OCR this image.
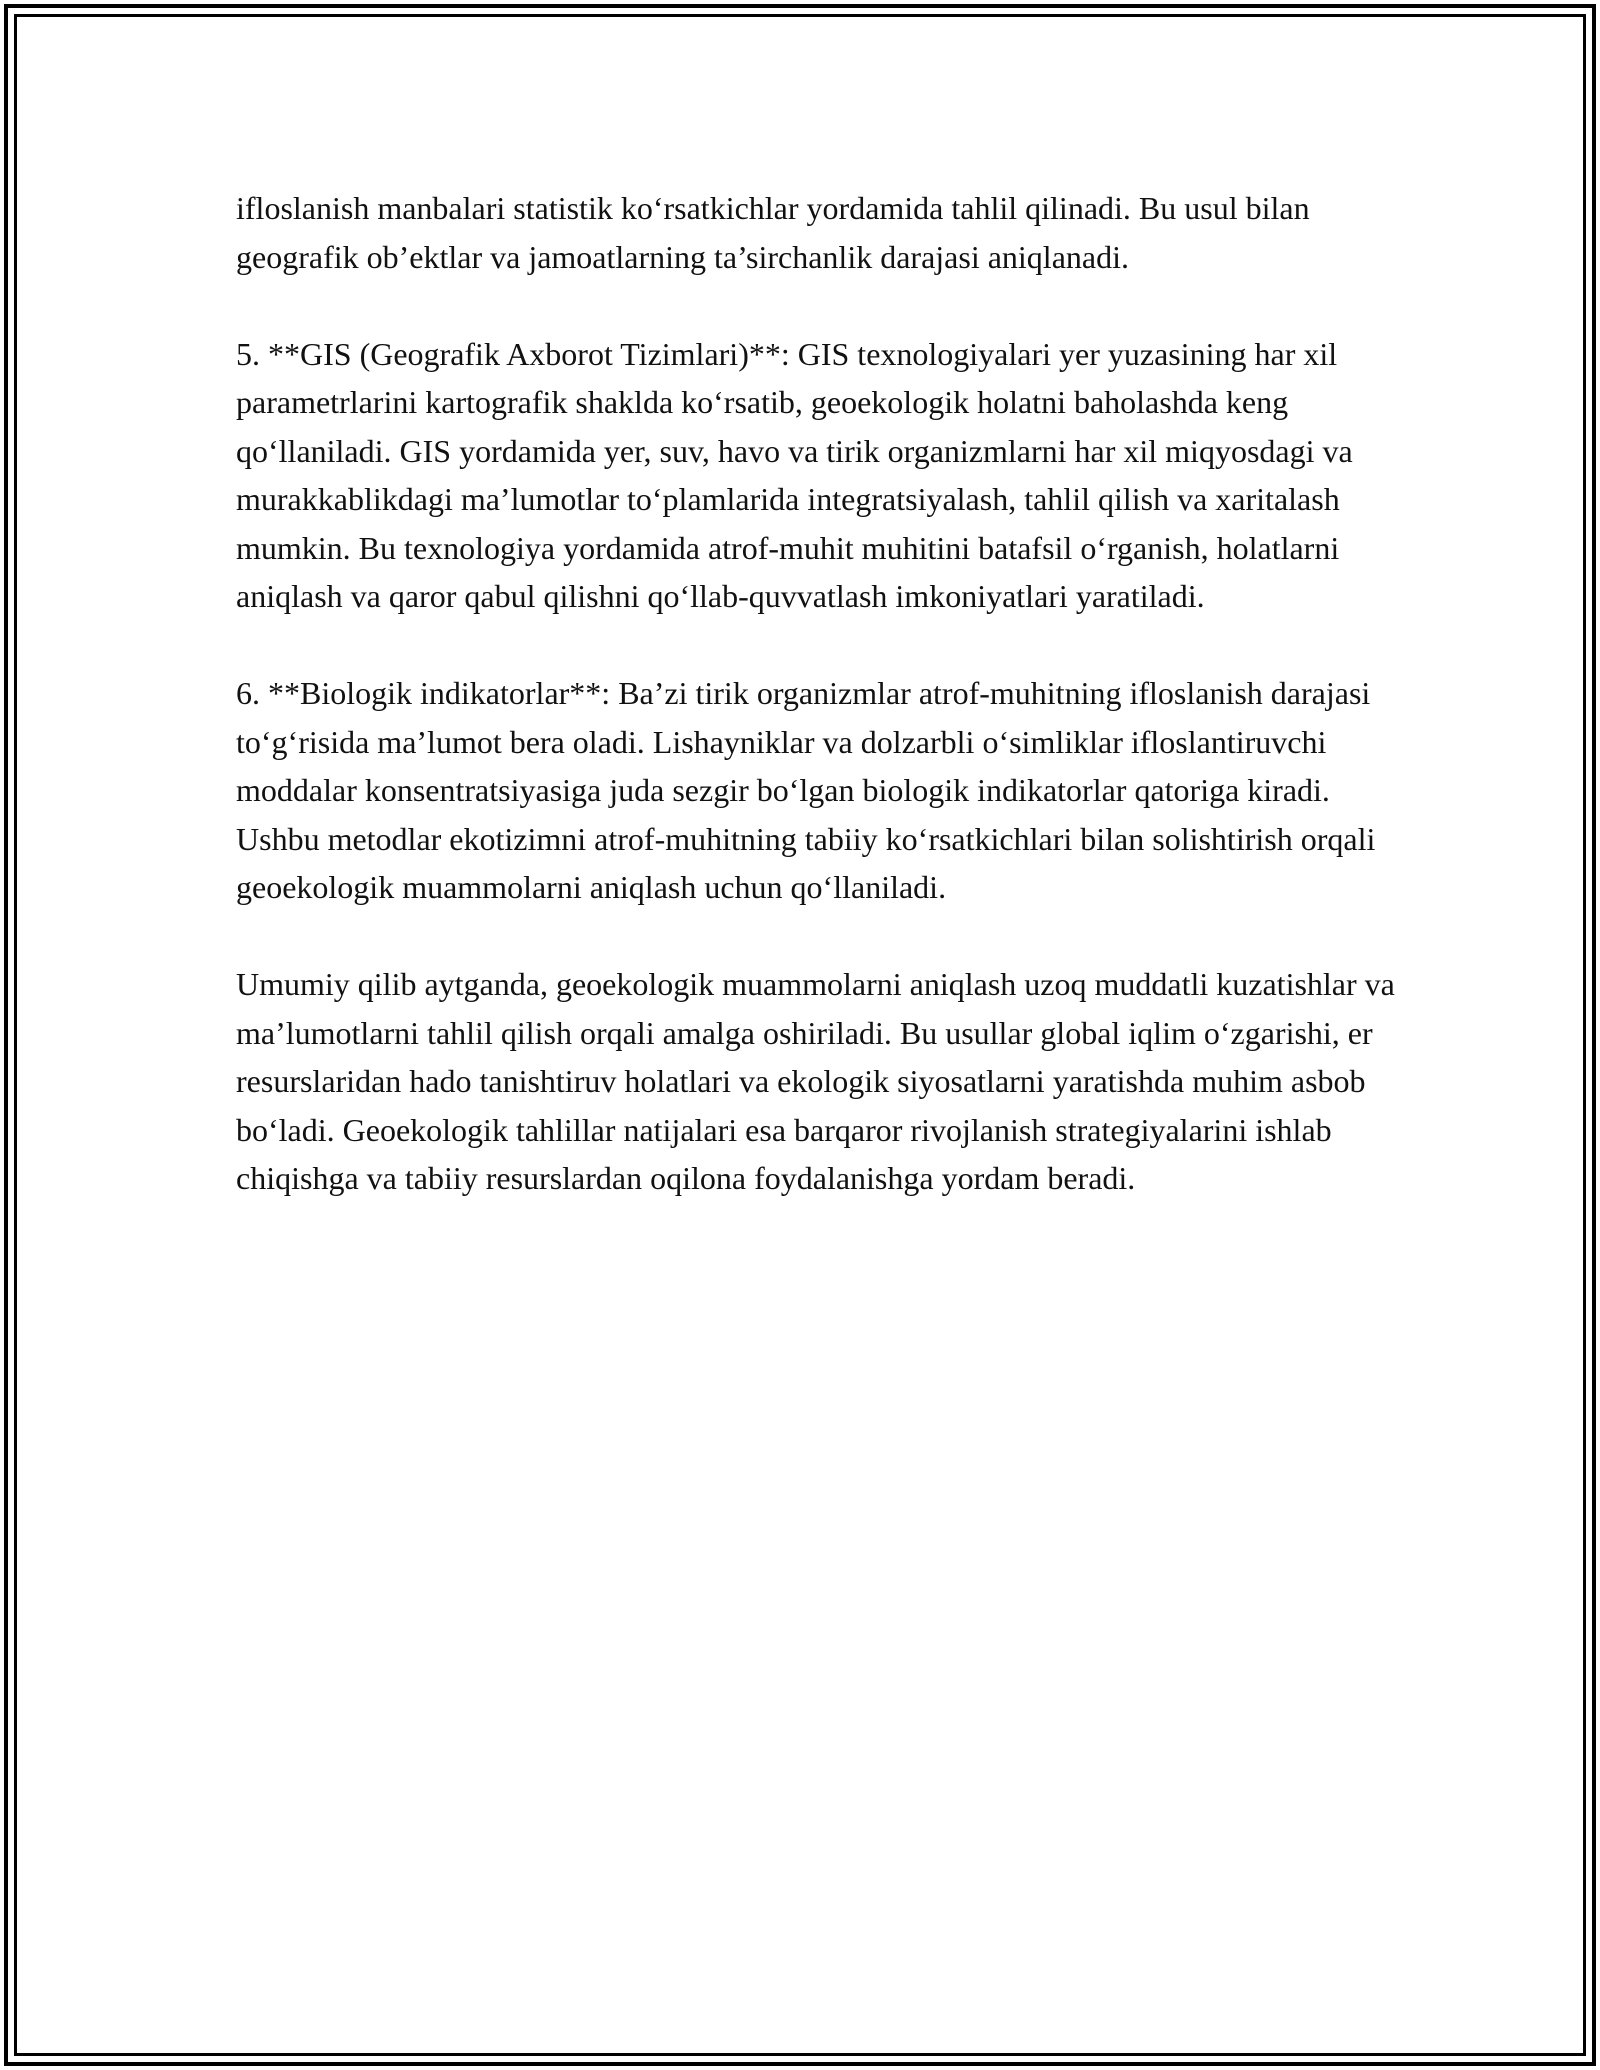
ifloslanish manbalari statistik ko‘rsatkichlar yordamida tahlil qilinadi. Bu usul bilan geografik ob’ektlar va jamoatlarning ta’sirchanlik darajasi aniqlanadi.

5. **GIS (Geografik Axborot Tizimlari)**: GIS texnologiyalari yer yuzasining har xil parametrlarini kartografik shaklda ko‘rsatib, geoekologik holatni baholashda keng qo‘llaniladi. GIS yordamida yer, suv, havo va tirik organizmlarni har xil miqyosdagi va murakkablikdagi ma’lumotlar to‘plamlarida integratsiyalash, tahlil qilish va xaritalash mumkin. Bu texnologiya yordamida atrof-muhit muhitini batafsil o‘rganish, holatlarni aniqlash va qaror qabul qilishni qo‘llab-quvvatlash imkoniyatlari yaratiladi.

6. **Biologik indikatorlar**: Ba’zi tirik organizmlar atrof-muhitning ifloslanish darajasi to‘g‘risida ma’lumot bera oladi. Lishayniklar va dolzarbli o‘simliklar ifloslantiruvchi moddalar konsentratsiyasiga juda sezgir bo‘lgan biologik indikatorlar qatoriga kiradi. Ushbu metodlar ekotizimni atrof-muhitning tabiiy ko‘rsatkichlari bilan solishtirish orqali geoekologik muammolarni aniqlash uchun qo‘llaniladi.

Umumiy qilib aytganda, geoekologik muammolarni aniqlash uzoq muddatli kuzatishlar va ma’lumotlarni tahlil qilish orqali amalga oshiriladi. Bu usullar global iqlim o‘zgarishi, er resurslaridan hado tanishtiruv holatlari va ekologik siyosatlarni yaratishda muhim asbob bo‘ladi. Geoekologik tahlillar natijalari esa barqaror rivojlanish strategiyalarini ishlab chiqishga va tabiiy resurslardan oqilona foydalanishga yordam beradi.
